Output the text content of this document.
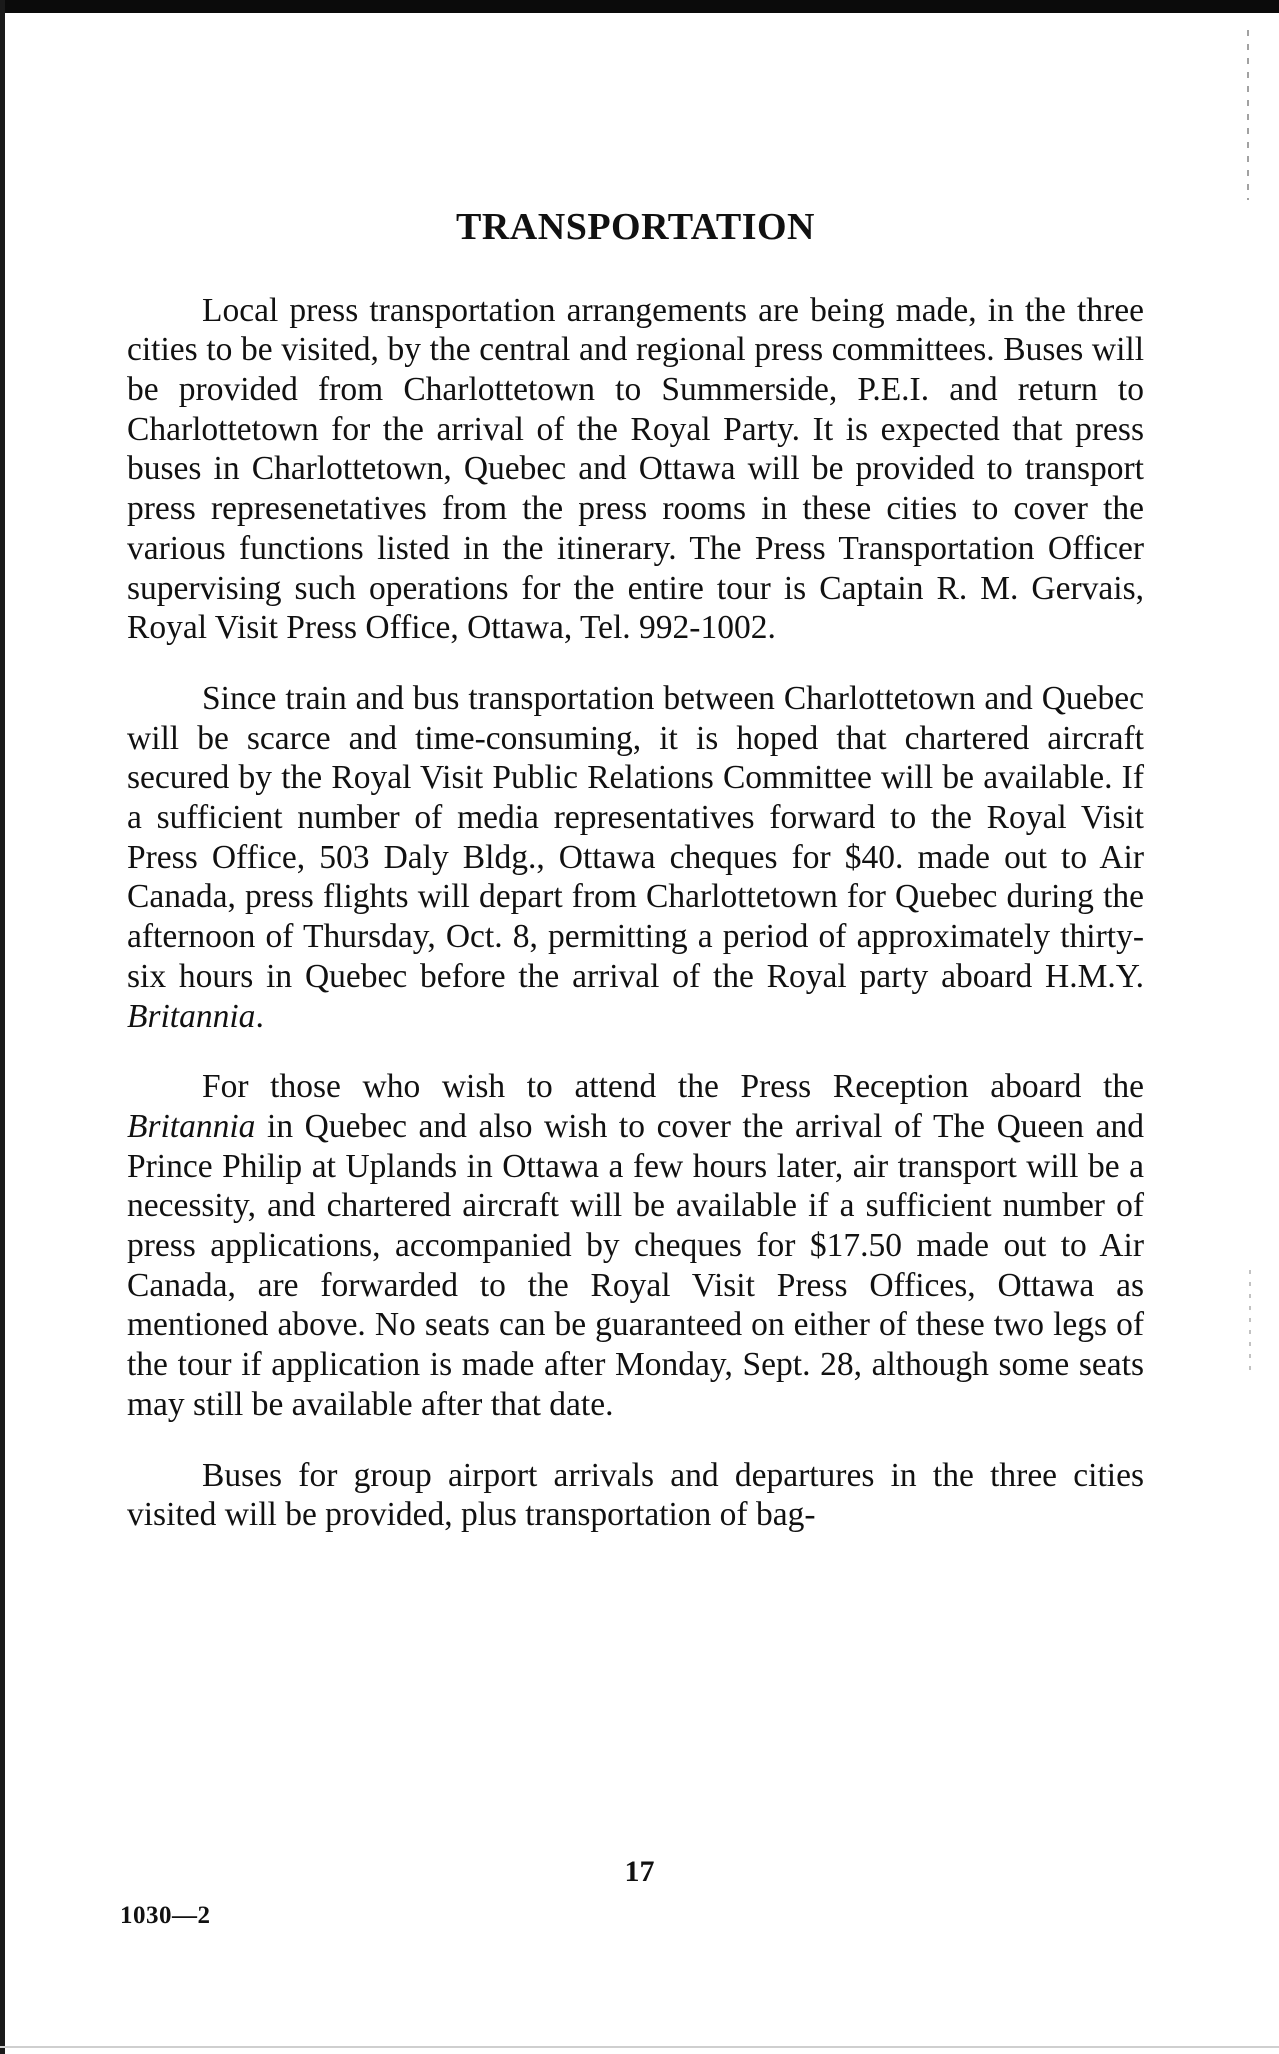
TRANSPORTATION

Local press transportation arrangements are being made, in the three cities to be visited, by the central and regional press committees. Buses will be provided from Charlottetown to Summerside, P.E.I. and return to Charlottetown for the arrival of the Royal Party. It is expected that press buses in Charlottetown, Quebec and Ottawa will be provided to transport press represenetatives from the press rooms in these cities to cover the various functions listed in the itinerary. The Press Transportation Officer supervising such operations for the entire tour is Captain R. M. Gervais, Royal Visit Press Office, Ottawa, Tel. 992-1002.

Since train and bus transportation between Charlottetown and Quebec will be scarce and time-consuming, it is hoped that chartered aircraft secured by the Royal Visit Public Relations Committee will be available. If a sufficient number of media representatives forward to the Royal Visit Press Office, 503 Daly Bldg., Ottawa cheques for $40. made out to Air Canada, press flights will depart from Charlottetown for Quebec during the afternoon of Thursday, Oct. 8, permitting a period of approximately thirty-six hours in Quebec before the arrival of the Royal party aboard H.M.Y. Britannia.

For those who wish to attend the Press Reception aboard the Britannia in Quebec and also wish to cover the arrival of The Queen and Prince Philip at Uplands in Ottawa a few hours later, air transport will be a necessity, and chartered aircraft will be available if a sufficient number of press applications, accompanied by cheques for $17.50 made out to Air Canada, are forwarded to the Royal Visit Press Offices, Ottawa as mentioned above. No seats can be guaranteed on either of these two legs of the tour if application is made after Monday, Sept. 28, although some seats may still be available after that date.

Buses for group airport arrivals and departures in the three cities visited will be provided, plus transportation of bag-

17
1030—2
